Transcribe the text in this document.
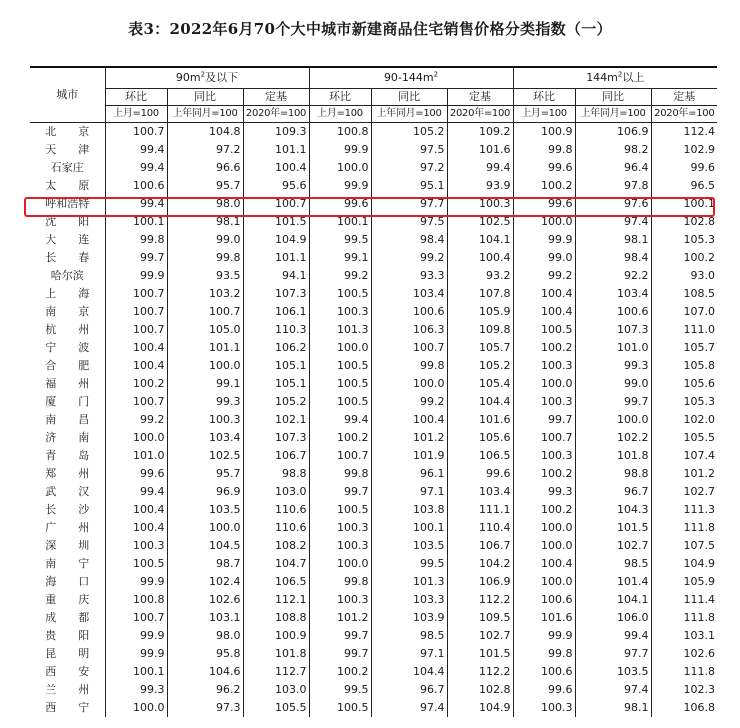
表3：2022年6月70个大中城市新建商品住宅销售价格分类指数（一）
城市	$90m^2$及以下			$90-144m^2$			$144m^2$以上		
	环比	同比	定基	环比	同比	定基	环比	同比	定基
	上月=100	上年同月=100	2020年=100	上月=100	上年同月=100	2020年=100	上月=100	上年同月=100	2020年=100
北　　京	100.7	104.8	109.3	100.8	105.2	109.2	100.9	106.9	112.4
天　　津	99.4	97.2	101.1	99.9	97.5	101.6	99.8	98.2	102.9
石家庄	99.4	96.6	100.4	100.0	97.2	99.4	99.6	96.4	99.6
太　　原	100.6	95.7	95.6	99.9	95.1	93.9	100.2	97.8	96.5
呼和浩特	99.4	98.0	100.7	99.6	97.7	100.3	99.6	97.6	100.1
沈　　阳	100.1	98.1	101.5	100.1	97.5	102.5	100.0	97.4	102.8
大　　连	99.8	99.0	104.9	99.5	98.4	104.1	99.9	98.1	105.3
长　　春	99.7	99.8	101.1	99.1	99.2	100.4	99.0	98.4	100.2
哈尔滨	99.9	93.5	94.1	99.2	93.3	93.2	99.2	92.2	93.0
上　　海	100.7	103.2	107.3	100.5	103.4	107.8	100.4	103.4	108.5
南　　京	100.7	100.7	106.1	100.3	100.6	105.9	100.4	100.6	107.0
杭　　州	100.7	105.0	110.3	101.3	106.3	109.8	100.5	107.3	111.0
宁　　波	100.4	101.1	106.2	100.0	100.7	105.7	100.2	101.0	105.7
合　　肥	100.4	100.0	105.1	100.5	99.8	105.2	100.3	99.3	105.8
福　　州	100.2	99.1	105.1	100.5	100.0	105.4	100.0	99.0	105.6
厦　　门	100.7	99.3	105.2	100.5	99.2	104.4	100.3	99.7	105.3
南　　昌	99.2	100.3	102.1	99.4	100.4	101.6	99.7	100.0	102.0
济　　南	100.0	103.4	107.3	100.2	101.2	105.6	100.7	102.2	105.5
青　　岛	101.0	102.5	106.7	100.7	101.9	106.5	100.3	101.8	107.4
郑　　州	99.6	95.7	98.8	99.8	96.1	99.6	100.2	98.8	101.2
武　　汉	99.4	96.9	103.0	99.7	97.1	103.4	99.3	96.7	102.7
长　　沙	100.4	103.5	110.6	100.5	103.8	111.1	100.2	104.3	111.3
广　　州	100.4	100.0	110.6	100.3	100.1	110.4	100.0	101.5	111.8
深　　圳	100.3	104.5	108.2	100.3	103.5	106.7	100.0	102.7	107.5
南　　宁	100.5	98.7	104.7	100.0	99.5	104.2	100.4	98.5	104.9
海　　口	99.9	102.4	106.5	99.8	101.3	106.9	100.0	101.4	105.9
重　　庆	100.8	102.6	112.1	100.3	103.3	112.2	100.6	104.1	111.4
成　　都	100.7	103.1	108.8	101.2	103.9	109.5	101.6	106.0	111.8
贵　　阳	99.9	98.0	100.9	99.7	98.5	102.7	99.9	99.4	103.1
昆　　明	99.9	95.8	101.8	99.7	97.1	101.5	99.8	97.7	102.6
西　　安	100.1	104.6	112.7	100.2	104.4	112.2	100.6	103.5	111.8
兰　　州	99.3	96.2	103.0	99.5	96.7	102.8	99.6	97.4	102.3
西　　宁	100.0	97.3	105.5	100.5	97.4	104.9	100.3	98.1	106.8
